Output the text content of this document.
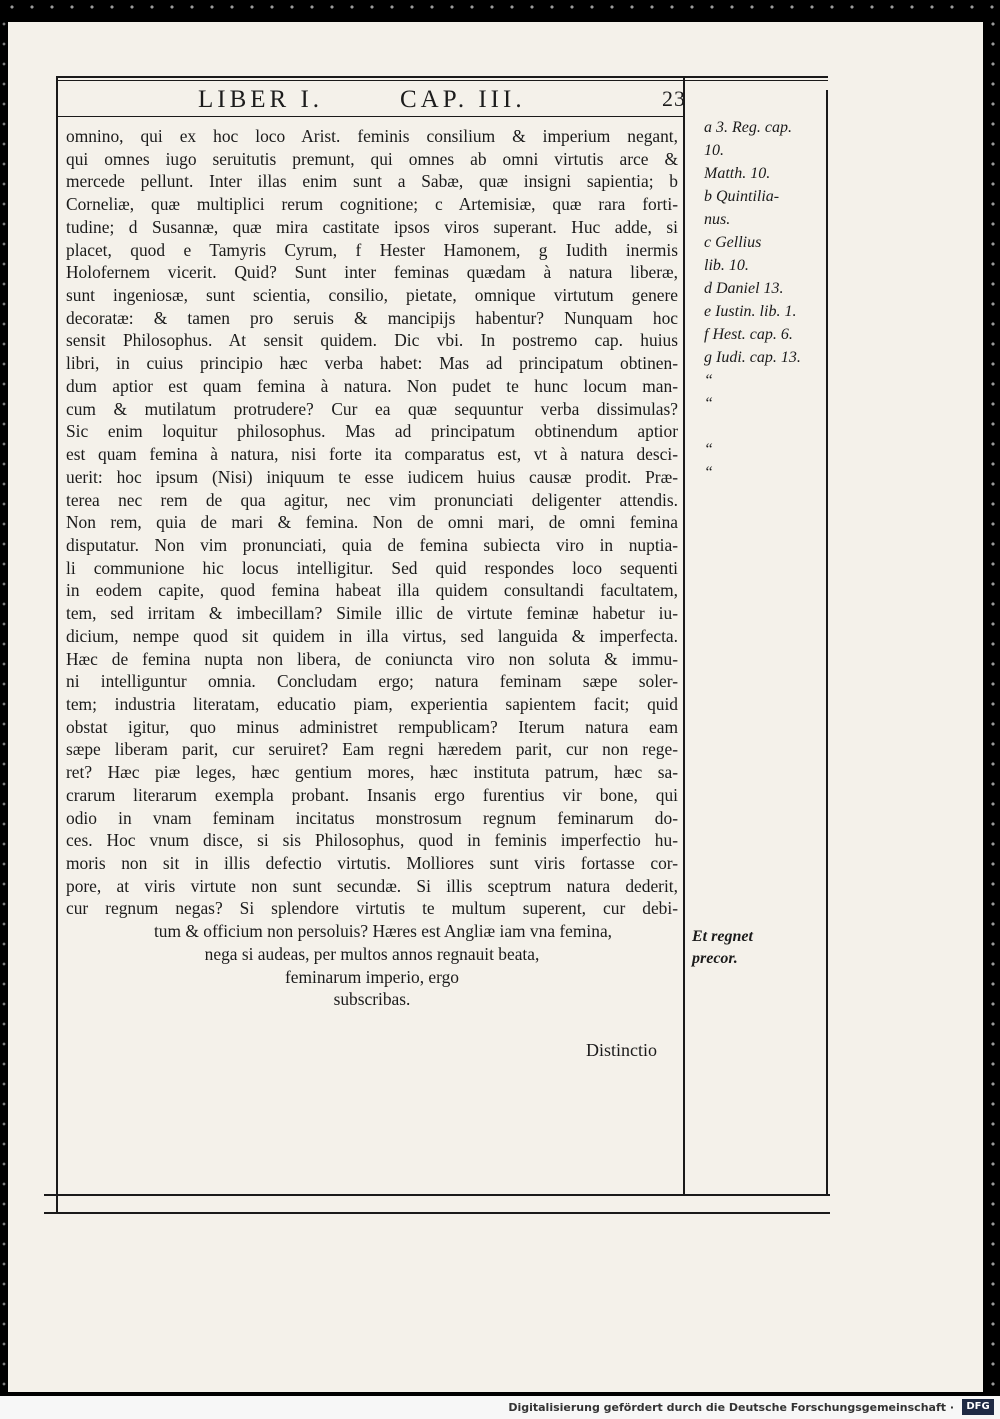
LIBER I.	CAP. III.	23
omnino, qui ex hoc loco Arist. feminis consilium & imperium negant,
qui omnes iugo seruitutis premunt, qui omnes ab omni virtutis arce &
mercede pellunt. Inter illas enim sunt a Sabæ, quæ insigni sapientia; b
Corneliæ, quæ multiplici rerum cognitione; c Artemisiæ, quæ rara forti-
tudine; d Susannæ, quæ mira castitate ipsos viros superant. Huc adde, si
placet, quod e Tamyris Cyrum, f Hester Hamonem, g Iudith inermis
Holofernem vicerit. Quid? Sunt inter feminas quædam à natura liberæ,
sunt ingeniosæ, sunt scientia, consilio, pietate, omnique virtutum genere
decoratæ: & tamen pro seruis & mancipijs habentur? Nunquam hoc
sensit Philosophus. At sensit quidem. Dic vbi. In postremo cap. huius
libri, in cuius principio hæc verba habet: Mas ad principatum obtinen-
dum aptior est quam femina à natura. Non pudet te hunc locum man-
cum & mutilatum protrudere? Cur ea quæ sequuntur verba dissimulas?
Sic enim loquitur philosophus. Mas ad principatum obtinendum aptior
est quam femina à natura, nisi forte ita comparatus est, vt à natura desci-
uerit: hoc ipsum (Nisi) iniquum te esse iudicem huius causæ prodit. Præ-
terea nec rem de qua agitur, nec vim pronunciati deligenter attendis.
Non rem, quia de mari & femina. Non de omni mari, de omni femina
disputatur. Non vim pronunciati, quia de femina subiecta viro in nuptia-
li communione hic locus intelligitur. Sed quid respondes loco sequenti
in eodem capite, quod femina habeat illa quidem consultandi facultatem,
tem, sed irritam & imbecillam? Simile illic de virtute feminæ habetur iu-
dicium, nempe quod sit quidem in illa virtus, sed languida & imperfecta.
Hæc de femina nupta non libera, de coniuncta viro non soluta & immu-
ni intelliguntur omnia. Concludam ergo; natura feminam sæpe soler-
tem; industria literatam, educatio piam, experientia sapientem facit; quid
obstat igitur, quo minus administret rempublicam? Iterum natura eam
sæpe liberam parit, cur seruiret? Eam regni hæredem parit, cur non rege-
ret? Hæc piæ leges, hæc gentium mores, hæc instituta patrum, hæc sa-
crarum literarum exempla probant. Insanis ergo furentius vir bone, qui
odio in vnam feminam incitatus monstrosum regnum feminarum do-
ces. Hoc vnum disce, si sis Philosophus, quod in feminis imperfectio hu-
moris non sit in illis defectio virtutis. Molliores sunt viris fortasse cor-
pore, at viris virtute non sunt secundæ. Si illis sceptrum natura dederit,
cur regnum negas? Si splendore virtutis te multum superent, cur debi-
tum & officium non persoluis? Hæres est Angliæ iam vna femina,
nega si audeas, per multos annos regnauit beata,
feminarum imperio, ergo
subscribas.
Distinctio
a 3. Reg. cap.
10.
Matth. 10.
b Quintilia-
nus.
c Gellius
lib. 10.
d Daniel 13.
e Iustin. lib. 1.
f Hest. cap. 6.
g Iudi. cap. 13.
“
“
“
“
Et regnet
precor.
Digitalisierung gefördert durch die Deutsche Forschungsgemeinschaft ·	DFG
